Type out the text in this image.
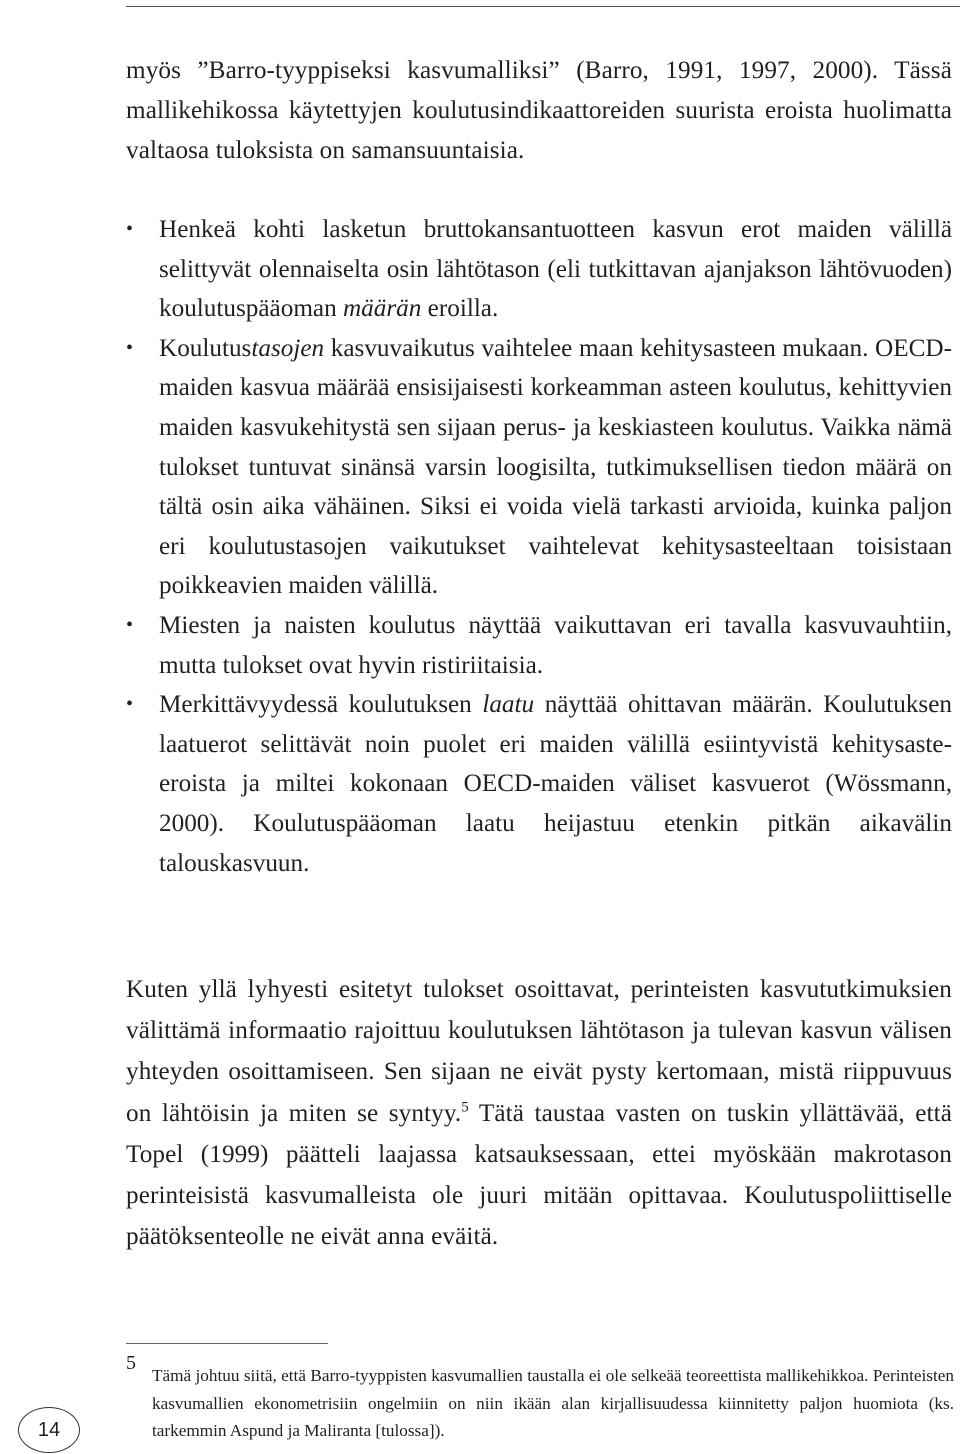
myös ”Barro-tyyppiseksi kasvumalliksi” (Barro, 1991, 1997, 2000). Tässä mallikehikossa käytettyjen koulutusindikaattoreiden suurista eroista huolimatta valtaosa tuloksista on samansuuntaisia.

• Henkeä kohti lasketun bruttokansantuotteen kasvun erot maiden välillä selittyvät olennaiselta osin lähtötason (eli tutkittavan ajanjakson lähtövuoden) koulutuspääoman määrän eroilla.
• Koulutustasojen kasvuvaikutus vaihtelee maan kehitysasteen mukaan. OECD-maiden kasvua määrää ensisijaisesti korkeamman asteen koulutus, kehittyvien maiden kasvukehitystä sen sijaan perus- ja keskiasteen koulutus. Vaikka nämä tulokset tuntuvat sinänsä varsin loogisilta, tutkimuksellisen tiedon määrä on tältä osin aika vähäinen. Siksi ei voida vielä tarkasti arvioida, kuinka paljon eri koulutustasojen vaikutukset vaihtelevat kehitysasteeltaan toisistaan poikkeavien maiden välillä.
• Miesten ja naisten koulutus näyttää vaikuttavan eri tavalla kasvuvauhtiin, mutta tulokset ovat hyvin ristiriitaisia.
• Merkittävyydessä koulutuksen laatu näyttää ohittavan määrän. Koulutuksen laatuerot selittävät noin puolet eri maiden välillä esiintyvistä kehitysaste-eroista ja miltei kokonaan OECD-maiden väliset kasvuerot (Wössmann, 2000). Koulutuspääoman laatu heijastuu etenkin pitkän aikavälin talouskasvuun.

Kuten yllä lyhyesti esitetyt tulokset osoittavat, perinteisten kasvututkimuksien välittämä informaatio rajoittuu koulutuksen lähtötason ja tulevan kasvun välisen yhteyden osoittamiseen. Sen sijaan ne eivät pysty kertomaan, mistä riippuvuus on lähtöisin ja miten se syntyy.$^5$ Tätä taustaa vasten on tuskin yllättävää, että Topel (1999) päätteli laajassa katsauksessaan, ettei myöskään makrotason perinteisistä kasvumalleista ole juuri mitään opittavaa. Koulutuspoliittiselle päätöksenteolle ne eivät anna eväitä.

5
Tämä johtuu siitä, että Barro-tyyppisten kasvumallien taustalla ei ole selkeää teoreettista mallikehikkoa. Perinteisten kasvumallien ekonometrisiin ongelmiin on niin ikään alan kirjallisuudessa kiinnitetty paljon huomiota (ks. tarkemmin Aspund ja Maliranta [tulossa]).
14
